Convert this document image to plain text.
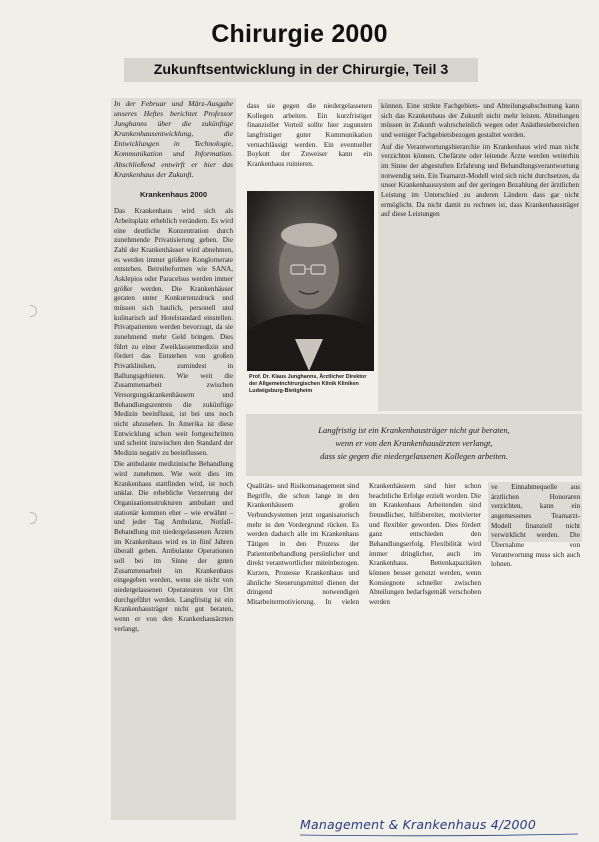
Chirurgie 2000
Zukunftsentwicklung in der Chirurgie, Teil 3

In der Februar und März-Ausgabe unseres Heftes berichtet Professor Junghanns über die zukünftige Krankenhausentwicklung, die Entwicklungen in Technologie, Kommunikation und Information. Abschließend entwirft er hier das Krankenhaus der Zukunft.

Krankenhaus 2000

Das Krankenhaus wird sich als Arbeitsplatz erheblich verändern. Es wird eine deutliche Konzentration durch zunehmende Privatisierung geben. Die Zahl der Krankenhäuser wird abnehmen, es werden immer größere Konglomerate entstehen. Betreibeformen wie SANA, Asklepios oder Paracelsus werden immer größer werden. Die Krankenhäuser geraten unter Konkurrenzdruck und müssen sich baulich, personell und kulinarisch auf Hotelstandard einstellen. Privatpatienten werden bevorzugt, da sie zunehmend mehr Geld bringen. Dies führt zu einer Zweiklassenmedizin und fördert das Entstehen von großen Privatkliniken, zumindest in Ballungsgebieten. Wie weit die Zusammenarbeit zwischen Versorgungskrankenhäusern und Behandlungszentren die zukünftige Medizin beeinflusst, ist bei uns noch nicht abzusehen. In Amerika ist diese Entwicklung schon weit fortgeschritten und scheint inzwischen den Standard der Medizin negativ zu beeinflussen.

Die ambulante medizinische Behandlung wird zunehmen. Wie weit dies im Krankenhaus stattfinden wird, ist noch unklar. Die erhebliche Verzerrung der Organisationsstrukturen ambulant und stationär kommen eher – wie erwähnt – und jeder Tag Ambulanz, Notfall-Behandlung mit niedergelassenen Ärzten im Krankenhaus wird es in fünf Jahren überall geben. Ambulante Operationen soll bei im Sinne der guten Zusammenarbeit im Krankenhaus eingegeben werden, wenn sie nicht von niedergelassenen Operateuren vor Ort durchgeführt werden. Langfristig ist ein Krankenhausträger nicht gut beraten, wenn er von den Krankenhausärzten verlangt,

dass sie gegen die niedergelassenen Kollegen arbeiten. Ein kurzfristiger finanzieller Vorteil sollte hier zugunsten langfristiger guter Kommunikation vernachlässigt werden. Ein eventueller Boykott der Zuweiser kann ein Krankenhaus ruinieren.

Prof. Dr. Klaus Junghanns, Ärztlicher Direktor der Allgemeinchirurgischen Klinik Kliniken Ludwigsburg-Bietigheim

können. Eine strikte Fachgebiets- und Abteilungsabschottung kann sich das Krankenhaus der Zukunft nicht mehr leisten. Abteilungen müssen in Zukunft wahrscheinlich wegen oder Anästhesiebereichen und weniger Fachgebietsbezogen gestaltet werden.

Auf die Verantwortungshierarchie im Krankenhaus wird man nicht verzichten können. Chefärzte oder leitende Ärzte werden weiterhin im Sinne der abgestuften Erfahrung und Behandlungsverantwortung notwendig sein. Ein Teamarzt-Modell wird sich nicht durchsetzen, da unser Krankenhaussystem auf der geringen Bezahlung der ärztlichen Leistung im Unterschied zu anderen Ländern dass gar nicht ermöglicht. Da nicht damit zu rechnen ist, dass Krankenhausträger auf diese Leistungen

Langfristig ist ein Krankenhausträger nicht gut beraten,
wenn er von den Krankenhausärzten verlangt,
dass sie gegen die niedergelassenen Kollegen arbeiten.

Qualitäts- und Risikomanagement sind Begriffe, die schon lange in den Krankenhäusern großen Verbundsystemen jetzt organisatorisch mehr in den Vordergrund rücken. Es werden dadurch alle im Krankenhaus Tätigen in den Prozess der Patientenbehandlung persönlicher und direkt verantwortlicher miteinbezogen. Kurzen, Prozesse Krankenhaus und ähnliche Steuerungsmittel dienen der dringend notwendigen Mitarbeitermotivierung. In vielen Krankenhäusern sind hier schon beachtliche Erfolge erzielt worden. Die im Krankenhaus Arbeitenden sind freundlicher, hilfsbereiter, motivierter und flexibler geworden. Dies fördert ganz entschieden den Behandlungserfolg. Flexibilität wird immer dringlicher, auch im Krankenhaus. Bettenkapazitäten können besser genutzt werden, wenn Konsiegnote schneller zwischen Abteilungen bedarfsgemäß verschoben werden

ve Einnahmequelle aus ärztlichen Honoraren verzichten, kann ein angemessenes Teamarzt-Modell finanziell nicht verwirklicht werden. Die Übernahme von Verantwortung muss sich auch lohnen.

Management & Krankenhaus 4/2000
